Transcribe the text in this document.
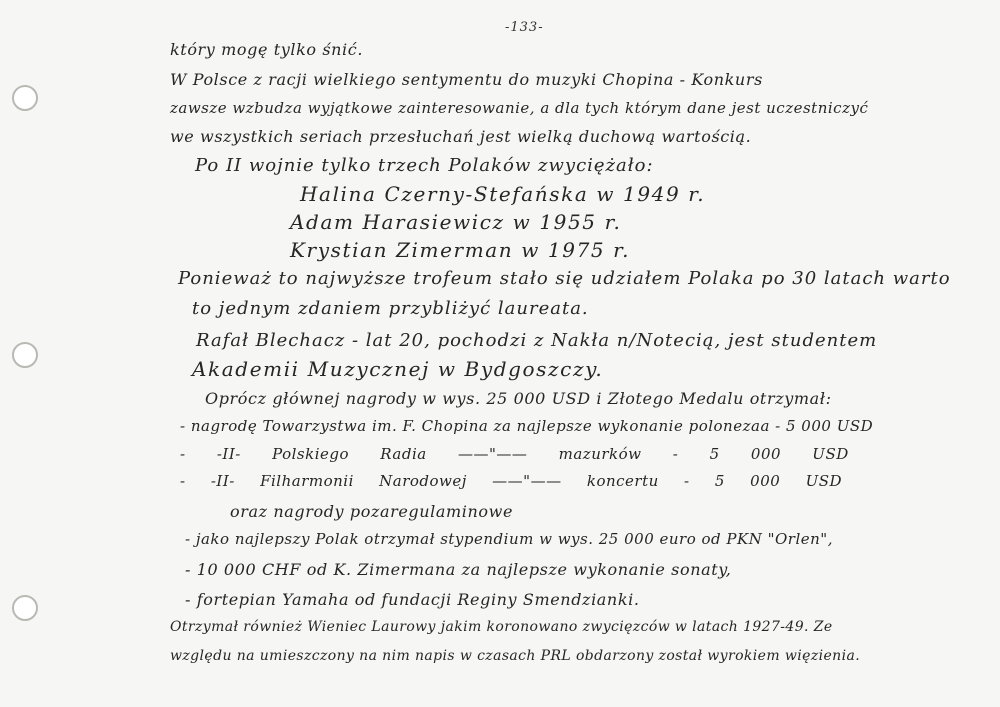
-133-
który mogę tylko śnić.
W Polsce z racji wielkiego sentymentu do muzyki Chopina - Konkurs
zawsze wzbudza wyjątkowe zainteresowanie, a dla tych którym dane jest uczestniczyć
we wszystkich seriach przesłuchań jest wielką duchową wartością.
Po II wojnie tylko trzech Polaków zwyciężało:
Halina Czerny-Stefańska w 1949 r.
Adam Harasiewicz w 1955 r.
Krystian Zimerman w 1975 r.
Ponieważ to najwyższe trofeum stało się udziałem Polaka po 30 latach warto
to jednym zdaniem przybliżyć laureata.
Rafał Blechacz - lat 20, pochodzi z Nakła n/Notecią, jest studentem
Akademii Muzycznej w Bydgoszczy.
Oprócz głównej nagrody w wys. 25 000 USD i Złotego Medalu otrzymał:
- nagrodę Towarzystwa im. F. Chopina za najlepsze wykonanie polonezaa - 5 000 USD
- -II- Polskiego Radia ——"—— mazurków - 5 000 USD
- -II- Filharmonii Narodowej ——"—— koncertu - 5 000 USD
oraz nagrody pozaregulaminowe
- jako najlepszy Polak otrzymał stypendium w wys. 25 000 euro od PKN "Orlen",
- 10 000 CHF od K. Zimermana za najlepsze wykonanie sonaty,
- fortepian Yamaha od fundacji Reginy Smendzianki.
Otrzymał również Wieniec Laurowy jakim koronowano zwycięzców w latach 1927-49. Ze
względu na umieszczony na nim napis w czasach PRL obdarzony został wyrokiem więzienia.
